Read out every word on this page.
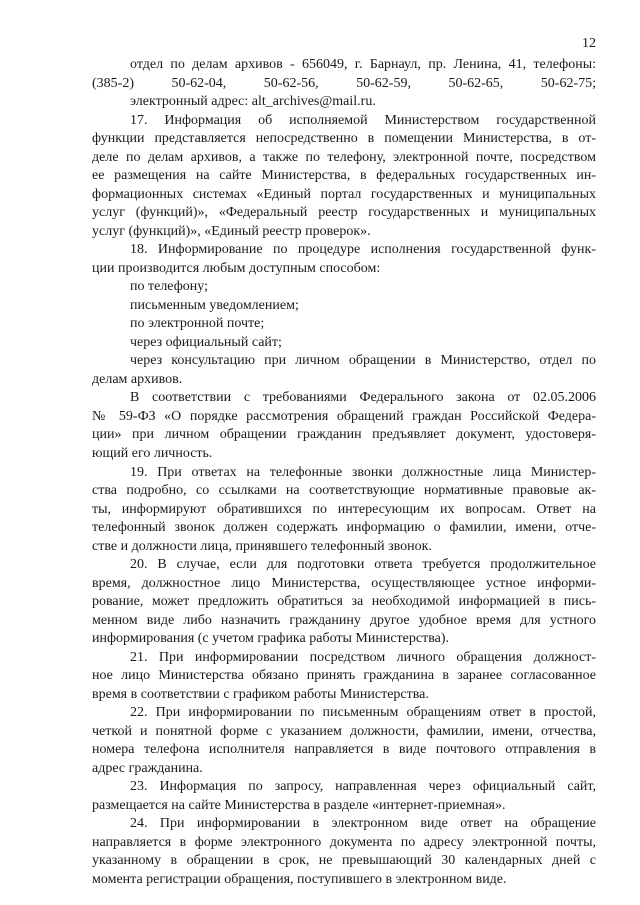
12
отдел по делам архивов - 656049, г. Барнаул, пр. Ленина, 41, телефоны:
(385-2) 50-62-04, 50-62-56, 50-62-59, 50-62-65, 50-62-75;
электронный адрес: alt_archives@mail.ru.
17. Информация об исполняемой Министерством государственной
функции представляется непосредственно в помещении Министерства, в от-
деле по делам архивов, а также по телефону, электронной почте, посредством
ее размещения на сайте Министерства, в федеральных государственных ин-
формационных системах «Единый портал государственных и муниципальных
услуг (функций)», «Федеральный реестр государственных и муниципальных
услуг (функций)», «Единый реестр проверок».
18. Информирование по процедуре исполнения государственной функ-
ции производится любым доступным способом:
по телефону;
письменным уведомлением;
по электронной почте;
через официальный сайт;
через консультацию при личном обращении в Министерство, отдел по
делам архивов.
В соответствии с требованиями Федерального закона от 02.05.2006
№ 59-ФЗ «О порядке рассмотрения обращений граждан Российской Федера-
ции» при личном обращении гражданин предъявляет документ, удостоверя-
ющий его личность.
19. При ответах на телефонные звонки должностные лица Министер-
ства подробно, со ссылками на соответствующие нормативные правовые ак-
ты, информируют обратившихся по интересующим их вопросам. Ответ на
телефонный звонок должен содержать информацию о фамилии, имени, отче-
стве и должности лица, принявшего телефонный звонок.
20. В случае, если для подготовки ответа требуется продолжительное
время, должностное лицо Министерства, осуществляющее устное информи-
рование, может предложить обратиться за необходимой информацией в пись-
менном виде либо назначить гражданину другое удобное время для устного
информирования (с учетом графика работы Министерства).
21. При информировании посредством личного обращения должност-
ное лицо Министерства обязано принять гражданина в заранее согласованное
время в соответствии с графиком работы Министерства.
22. При информировании по письменным обращениям ответ в простой,
четкой и понятной форме с указанием должности, фамилии, имени, отчества,
номера телефона исполнителя направляется в виде почтового отправления в
адрес гражданина.
23. Информация по запросу, направленная через официальный сайт,
размещается на сайте Министерства в разделе «интернет-приемная».
24. При информировании в электронном виде ответ на обращение
направляется в форме электронного документа по адресу электронной почты,
указанному в обращении в срок, не превышающий 30 календарных дней с
момента регистрации обращения, поступившего в электронном виде.
